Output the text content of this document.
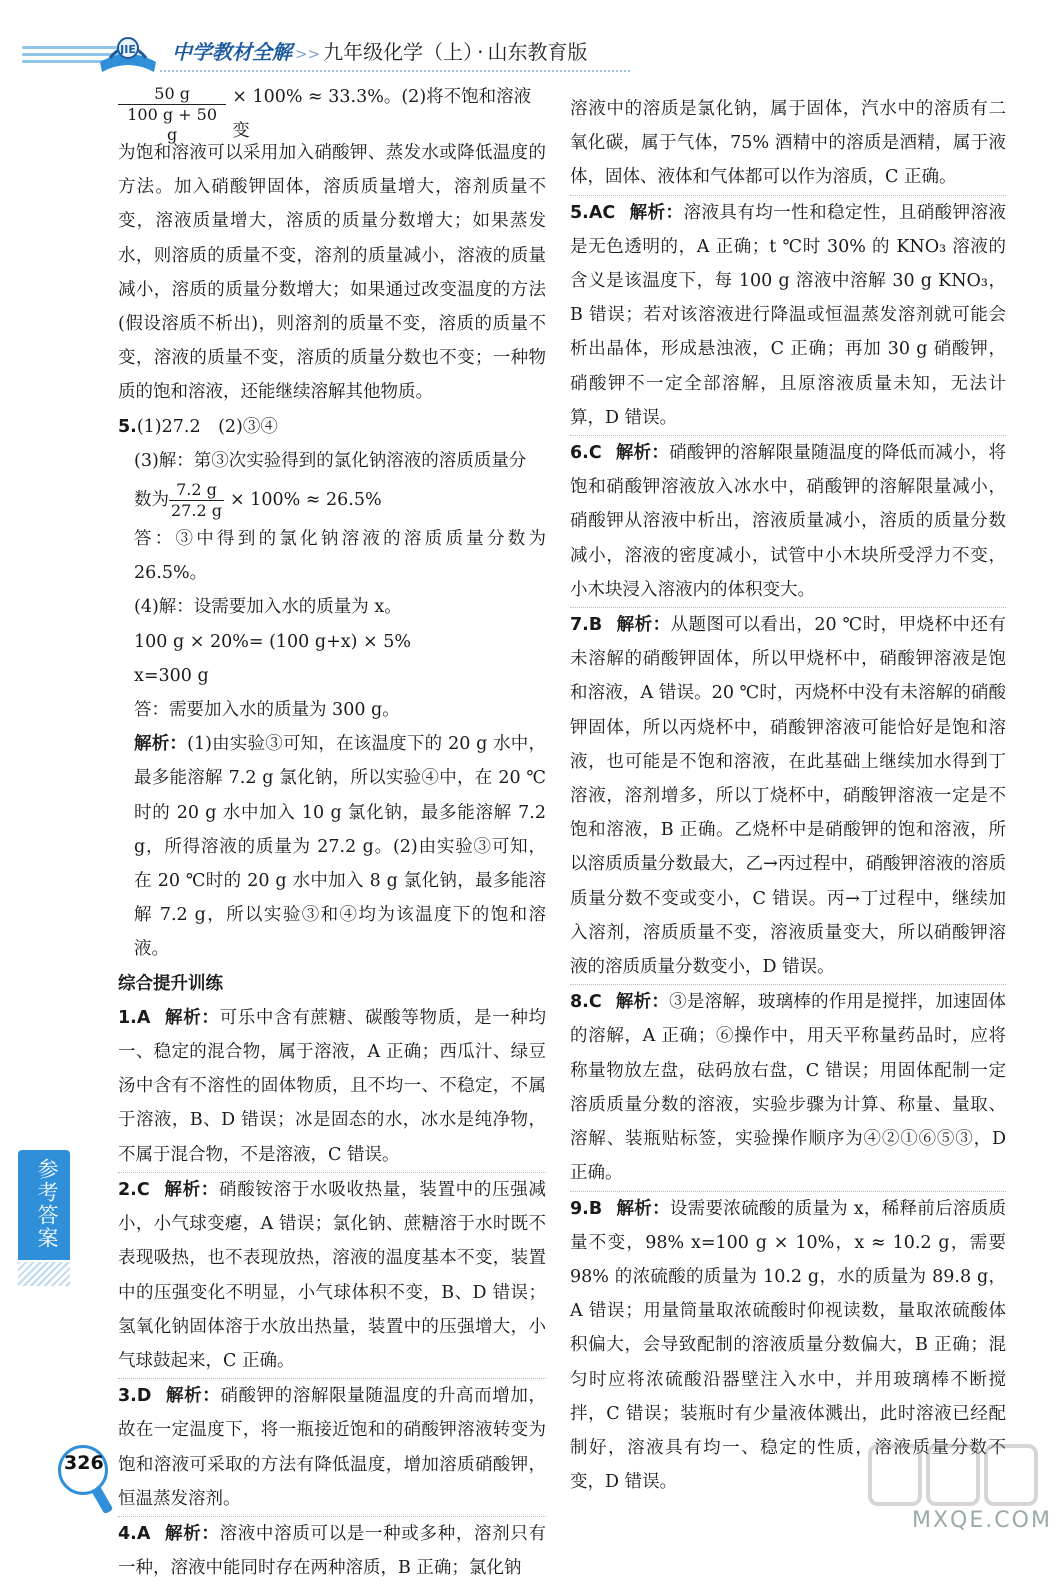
JIE 中学教材全解 >> 九年级化学（上） · 山东教育版
$\frac{50 g}{100 g + 50 g} \times 100\% \approx 33.3\%$。(2)将不饱和溶液变

为饱和溶液可以采用加入硝酸钾、蒸发水或降低温度的方法。加入硝酸钾固体，溶质质量增大，溶剂质量不变，溶液质量增大，溶质的质量分数增大；如果蒸发水，则溶质的质量不变，溶剂的质量减小，溶液的质量减小，溶质的质量分数增大；如果通过改变温度的方法(假设溶质不析出)，则溶剂的质量不变，溶质的质量不变，溶液的质量不变，溶质的质量分数也不变；一种物质的饱和溶液，还能继续溶解其他物质。

5.(1)27.2　(2)③④

(3)解：第③次实验得到的氯化钠溶液的溶质质量分

数为 $\frac{7.2 g}{27.2 g} \times 100\% \approx 26.5\%$

答：③中得到的氯化钠溶液的溶质质量分数为26.5%。

(4)解：设需要加入水的质量为 x。

100 g × 20%= (100 g+x) × 5%

x=300 g

答：需要加入水的质量为 300 g。

解析：(1)由实验③可知，在该温度下的 20 g 水中，最多能溶解 7.2 g 氯化钠，所以实验④中，在 20 ℃时的 20 g 水中加入 10 g 氯化钠，最多能溶解 7.2 g，所得溶液的质量为 27.2 g。(2)由实验③可知，在 20 ℃时的 20 g 水中加入 8 g 氯化钠，最多能溶解 7.2 g，所以实验③和④均为该温度下的饱和溶液。

综合提升训练

1.A 解析：可乐中含有蔗糖、碳酸等物质，是一种均一、稳定的混合物，属于溶液，A 正确；西瓜汁、绿豆汤中含有不溶性的固体物质，且不均一、不稳定，不属于溶液，B、D 错误；冰是固态的水，冰水是纯净物，不属于混合物，不是溶液，C 错误。

2.C 解析：硝酸铵溶于水吸收热量，装置中的压强减小，小气球变瘪，A 错误；氯化钠、蔗糖溶于水时既不表现吸热，也不表现放热，溶液的温度基本不变，装置中的压强变化不明显，小气球体积不变，B、D 错误；氢氧化钠固体溶于水放出热量，装置中的压强增大，小气球鼓起来，C 正确。

3.D 解析：硝酸钾的溶解限量随温度的升高而增加，故在一定温度下，将一瓶接近饱和的硝酸钾溶液转变为饱和溶液可采取的方法有降低温度，增加溶质硝酸钾，恒温蒸发溶剂。

4.A 解析：溶液中溶质可以是一种或多种，溶剂只有一种，溶液中能同时存在两种溶质，B 正确；氯化钠

溶液中的溶质是氯化钠，属于固体，汽水中的溶质有二氧化碳，属于气体，75% 酒精中的溶质是酒精，属于液体，固体、液体和气体都可以作为溶质，C 正确。

5.AC 解析：溶液具有均一性和稳定性，且硝酸钾溶液是无色透明的，A 正确；t ℃时 30% 的 KNO₃ 溶液的含义是该温度下，每 100 g 溶液中溶解 30 g KNO₃，B 错误；若对该溶液进行降温或恒温蒸发溶剂就可能会析出晶体，形成悬浊液，C 正确；再加 30 g 硝酸钾，硝酸钾不一定全部溶解，且原溶液质量未知，无法计算，D 错误。

6.C 解析：硝酸钾的溶解限量随温度的降低而减小，将饱和硝酸钾溶液放入冰水中，硝酸钾的溶解限量减小，硝酸钾从溶液中析出，溶液质量减小，溶质的质量分数减小，溶液的密度减小，试管中小木块所受浮力不变，小木块浸入溶液内的体积变大。

7.B 解析：从题图可以看出，20 ℃时，甲烧杯中还有未溶解的硝酸钾固体，所以甲烧杯中，硝酸钾溶液是饱和溶液，A 错误。20 ℃时，丙烧杯中没有未溶解的硝酸钾固体，所以丙烧杯中，硝酸钾溶液可能恰好是饱和溶液，也可能是不饱和溶液，在此基础上继续加水得到丁溶液，溶剂增多，所以丁烧杯中，硝酸钾溶液一定是不饱和溶液，B 正确。乙烧杯中是硝酸钾的饱和溶液，所以溶质质量分数最大，乙→丙过程中，硝酸钾溶液的溶质质量分数不变或变小，C 错误。丙→丁过程中，继续加入溶剂，溶质质量不变，溶液质量变大，所以硝酸钾溶液的溶质质量分数变小，D 错误。

8.C 解析：③是溶解，玻璃棒的作用是搅拌，加速固体的溶解，A 正确；⑥操作中，用天平称量药品时，应将称量物放左盘，砝码放右盘，C 错误；用固体配制一定溶质质量分数的溶液，实验步骤为计算、称量、量取、溶解、装瓶贴标签，实验操作顺序为④②①⑥⑤③，D 正确。

9.B 解析：设需要浓硫酸的质量为 x，稀释前后溶质质量不变，98% x=100 g × 10%，x ≈ 10.2 g，需要 98% 的浓硫酸的质量为 10.2 g，水的质量为 89.8 g，A 错误；用量筒量取浓硫酸时仰视读数，量取浓硫酸体积偏大，会导致配制的溶液质量分数偏大，B 正确；混匀时应将浓硫酸沿器壁注入水中，并用玻璃棒不断搅拌，C 错误；装瓶时有少量液体溅出，此时溶液已经配制好，溶液具有均一、稳定的性质，溶液质量分数不变，D 错误。

参考答案
326
MXQE.COM
